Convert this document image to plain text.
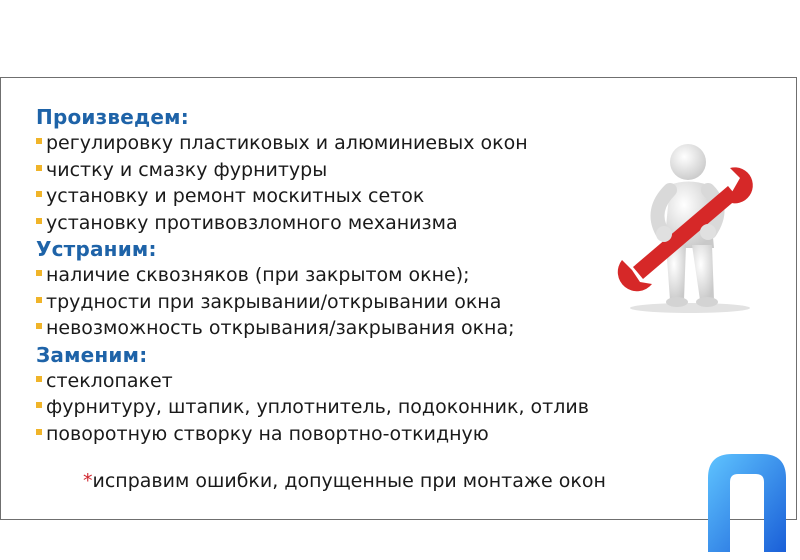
Произведем:
регулировку пластиковых и алюминиевых окон
чистку и смазку фурнитуры
установку и ремонт москитных сеток
установку противовзломного механизма
Устраним:
наличие сквозняков (при закрытом окне);
трудности при закрывании/открывании окна
невозможность открывания/закрывания окна;
Заменим:
стеклопакет
фурнитуру, штапик, уплотнитель, подоконник, отлив
поворотную створку на повортно-откидную
*исправим ошибки, допущенные при монтаже окон
